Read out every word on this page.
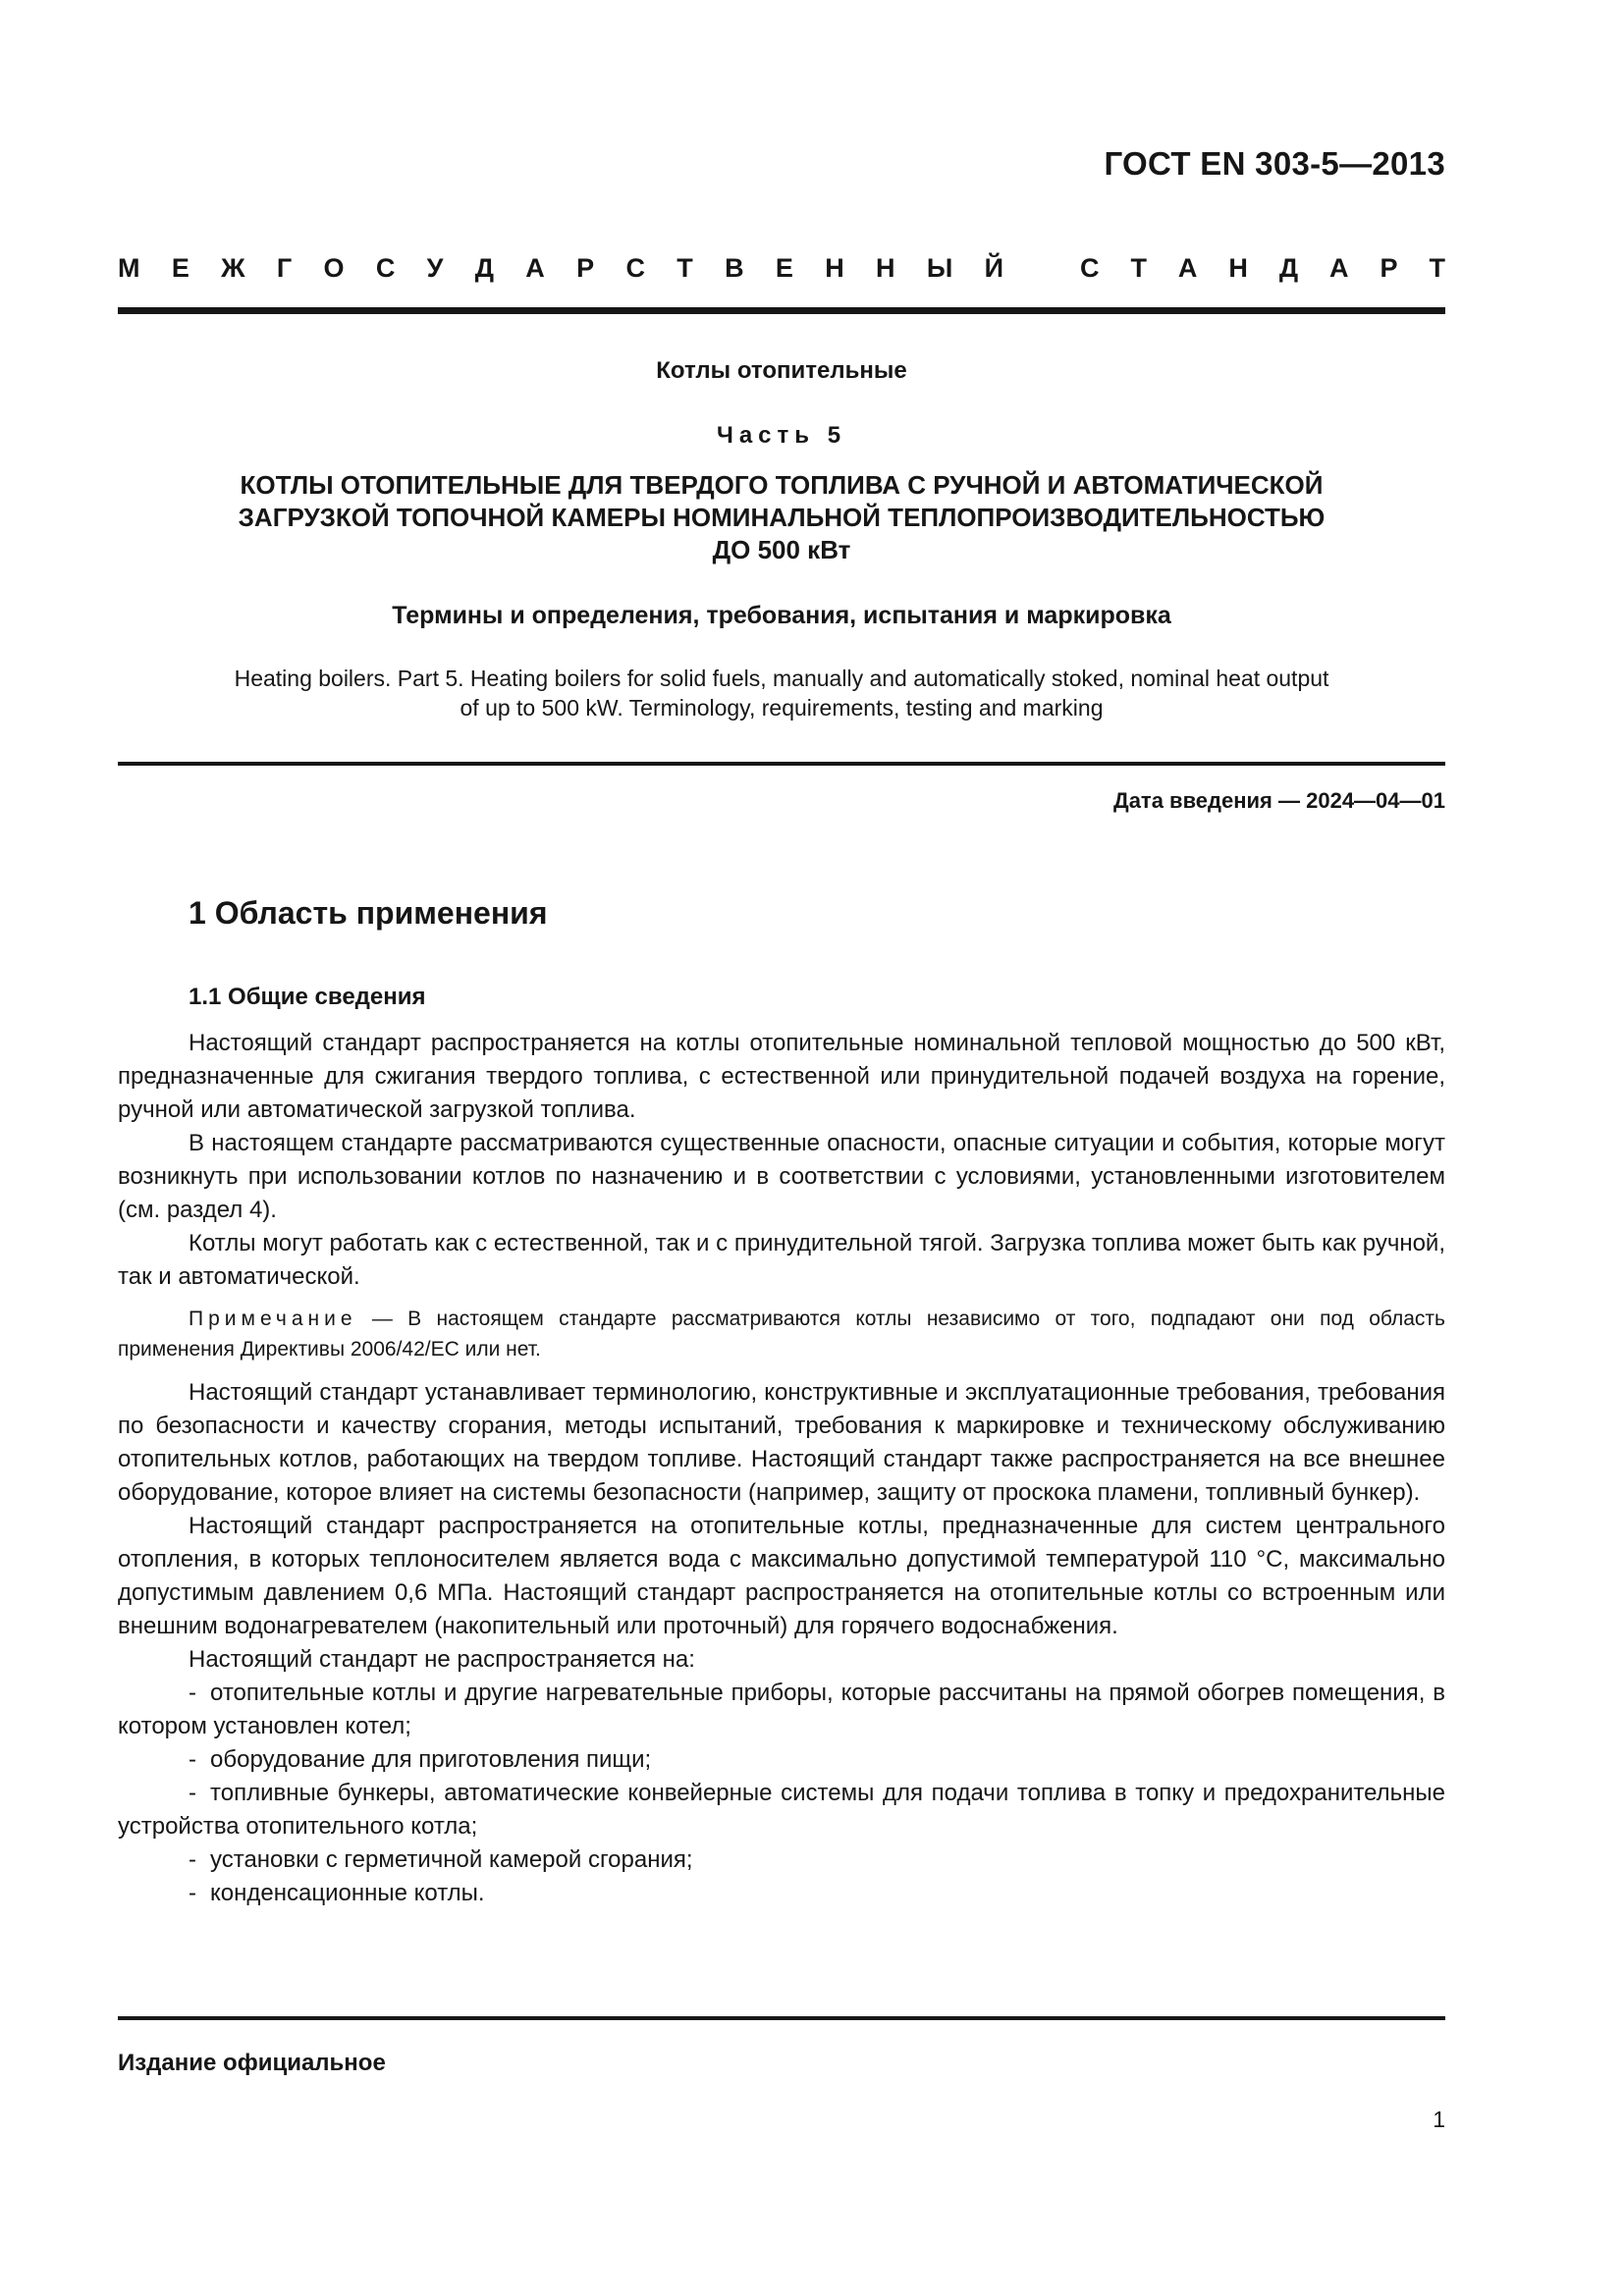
ГОСТ EN 303-5—2013
М Е Ж Г О С У Д А Р С Т В Е Н Н Ы Й	С Т А Н Д А Р Т
Котлы отопительные
Часть 5
КОТЛЫ ОТОПИТЕЛЬНЫЕ ДЛЯ ТВЕРДОГО ТОПЛИВА С РУЧНОЙ И АВТОМАТИЧЕСКОЙ
ЗАГРУЗКОЙ ТОПОЧНОЙ КАМЕРЫ НОМИНАЛЬНОЙ ТЕПЛОПРОИЗВОДИТЕЛЬНОСТЬЮ
ДО 500 кВт
Термины и определения, требования, испытания и маркировка
Heating boilers. Part 5. Heating boilers for solid fuels, manually and automatically stoked, nominal heat output
of up to 500 kW. Terminology, requirements, testing and marking
Дата введения — 2024—04—01
1 Область применения
1.1 Общие сведения

Настоящий стандарт распространяется на котлы отопительные номинальной тепловой мощностью до 500 кВт, предназначенные для сжигания твердого топлива, с естественной или принудительной подачей воздуха на горение, ручной или автоматической загрузкой топлива.

В настоящем стандарте рассматриваются существенные опасности, опасные ситуации и события, которые могут возникнуть при использовании котлов по назначению и в соответствии с условиями, установленными изготовителем (см. раздел 4).

Котлы могут работать как с естественной, так и с принудительной тягой. Загрузка топлива может быть как ручной, так и автоматической.

Примечание — В настоящем стандарте рассматриваются котлы независимо от того, подпадают они под область применения Директивы 2006/42/ЕС или нет.

Настоящий стандарт устанавливает терминологию, конструктивные и эксплуатационные требования, требования по безопасности и качеству сгорания, методы испытаний, требования к маркировке и техническому обслуживанию отопительных котлов, работающих на твердом топливе. Настоящий стандарт также распространяется на все внешнее оборудование, которое влияет на системы безопасности (например, защиту от проскока пламени, топливный бункер).

Настоящий стандарт распространяется на отопительные котлы, предназначенные для систем центрального отопления, в которых теплоносителем является вода с максимально допустимой температурой 110 °С, максимально допустимым давлением 0,6 МПа. Настоящий стандарт распространяется на отопительные котлы со встроенным или внешним водонагревателем (накопительный или проточный) для горячего водоснабжения.

Настоящий стандарт не распространяется на:

- отопительные котлы и другие нагревательные приборы, которые рассчитаны на прямой обогрев помещения, в котором установлен котел;
- оборудование для приготовления пищи;
- топливные бункеры, автоматические конвейерные системы для подачи топлива в топку и предохранительные устройства отопительного котла;
- установки с герметичной камерой сгорания;
- конденсационные котлы.
Издание официальное
1
